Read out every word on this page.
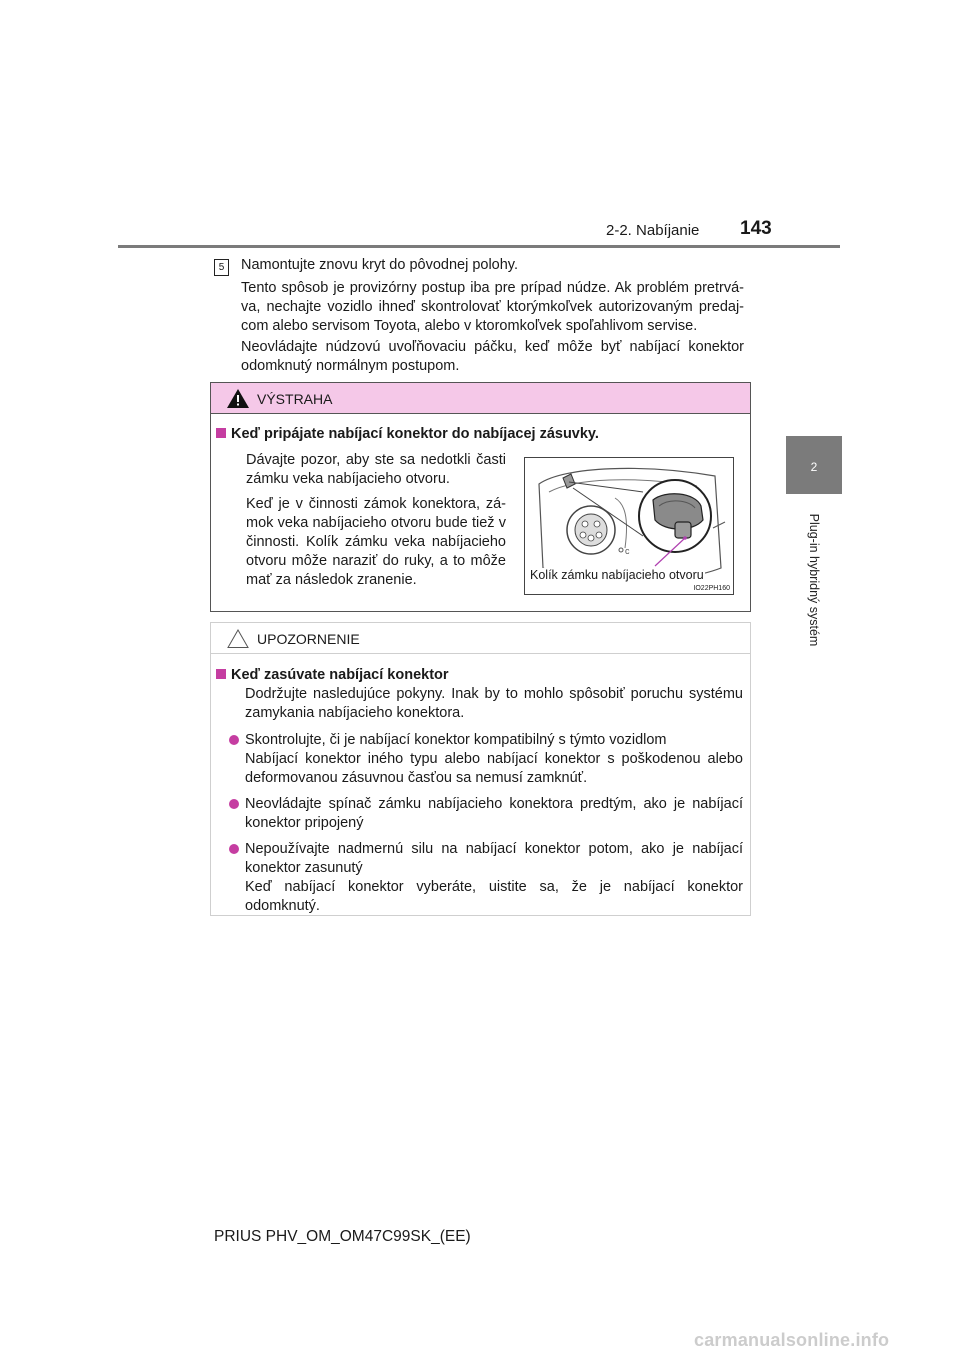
2-2. Nabíjanie 143
2
Plug-in hybridný systém
5	Namontujte znovu kryt do pôvodnej polohy.

Tento spôsob je provizórny postup iba pre prípad núdze. Ak problém pretrvá-va, nechajte vozidlo ihneď skontrolovať ktorýmkoľvek autorizovaným predaj-com alebo servisom Toyota, alebo v ktoromkoľvek spoľahlivom servise.

Neovládajte núdzovú uvoľňovaciu páčku, keď môže byť nabíjací konektor odomknutý normálnym postupom.

VÝSTRAHA
Keď pripájate nabíjací konektor do nabíjacej zásuvky.

Dávajte pozor, aby ste sa nedotkli časti zámku veka nabíjacieho otvoru.

Keď je v činnosti zámok konektora, zá-mok veka nabíjacieho otvoru bude tiež v činnosti. Kolík zámku veka nabíjacieho otvoru môže naraziť do ruky, a to môže mať za následok zranenie.

c
Kolík zámku nabíjacieho otvoru
IO22PH160
UPOZORNENIE

Keď zasúvate nabíjací konektor

Dodržujte nasledujúce pokyny. Inak by to mohlo spôsobiť poruchu systému zamykania nabíjacieho konektora.

Skontrolujte, či je nabíjací konektor kompatibilný s týmto vozidlom
Nabíjací konektor iného typu alebo nabíjací konektor s poškodenou alebo deformovanou zásuvnou časťou sa nemusí zamknúť.
Neovládajte spínač zámku nabíjacieho konektora predtým, ako je nabíjací konektor pripojený
Nepoužívajte nadmernú silu na nabíjací konektor potom, ako je nabíjací konektor zasunutý
Keď nabíjací konektor vyberáte, uistite sa, že je nabíjací konektor odomknutý.
PRIUS PHV_OM_OM47C99SK_(EE)
carmanualsonline.info
